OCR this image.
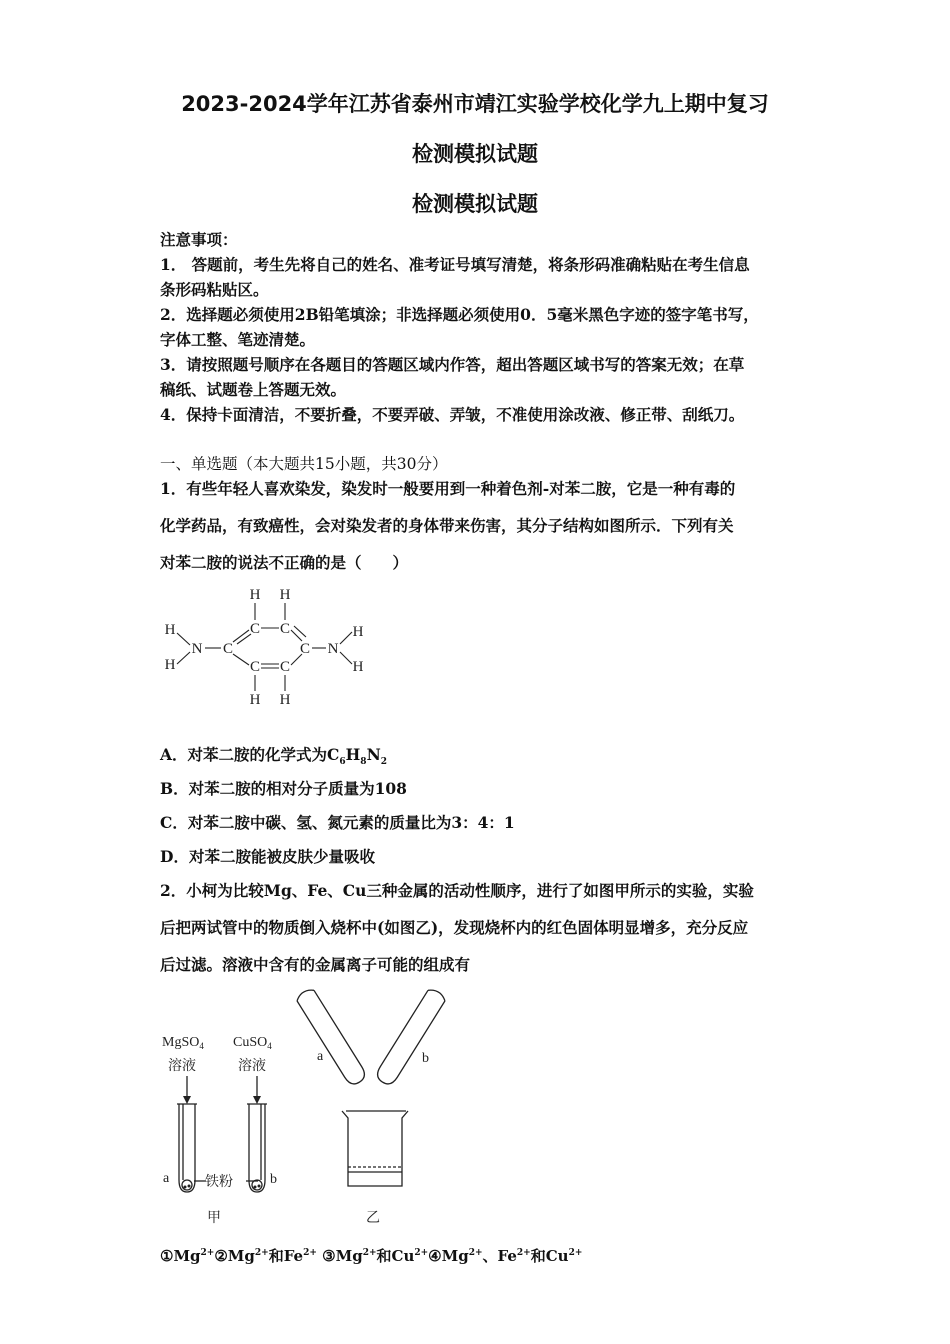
2023-2024学年江苏省泰州市靖江实验学校化学九上期中复习
检测模拟试题
检测模拟试题
注意事项：
1． 答题前，考生先将自己的姓名、准考证号填写清楚，将条形码准确粘贴在考生信息
条形码粘贴区。
2．选择题必须使用2B铅笔填涂；非选择题必须使用0．5毫米黑色字迹的签字笔书写，
字体工整、笔迹清楚。
3．请按照题号顺序在各题目的答题区域内作答，超出答题区域书写的答案无效；在草
稿纸、试题卷上答题无效。
4．保持卡面清洁，不要折叠，不要弄破、弄皱，不准使用涂改液、修正带、刮纸刀。
一、单选题（本大题共15小题，共30分）
1．有些年轻人喜欢染发，染发时一般要用到一种着色剂-对苯二胺，它是一种有毒的
化学药品，有致癌性，会对染发者的身体带来伤害，其分子结构如图所示．下列有关
对苯二胺的说法不正确的是（　　）
H H
C C
H
H
N C	C N
H
H
C C
H H
A．对苯二胺的化学式为$C_6H_8N_2$
B．对苯二胺的相对分子质量为108
C．对苯二胺中碳、氢、氮元素的质量比为3：4：1
D．对苯二胺能被皮肤少量吸收
2．小柯为比较Mg、Fe、Cu三种金属的活动性顺序，进行了如图甲所示的实验，实验
后把两试管中的物质倒入烧杯中(如图乙)，发现烧杯内的红色固体明显增多，充分反应
后过滤。溶液中含有的金属离子可能的组成有
MgSO$_4$
溶液
CuSO$_4$
溶液
a	铁粉	b
甲
a	b
乙
$①Mg^{2+}②Mg^{2+}$和$Fe^{2+}$ $③Mg^{2+}$和$Cu^{2+}④Mg^{2+}$、$Fe^{2+}$和$Cu^{2+}$
